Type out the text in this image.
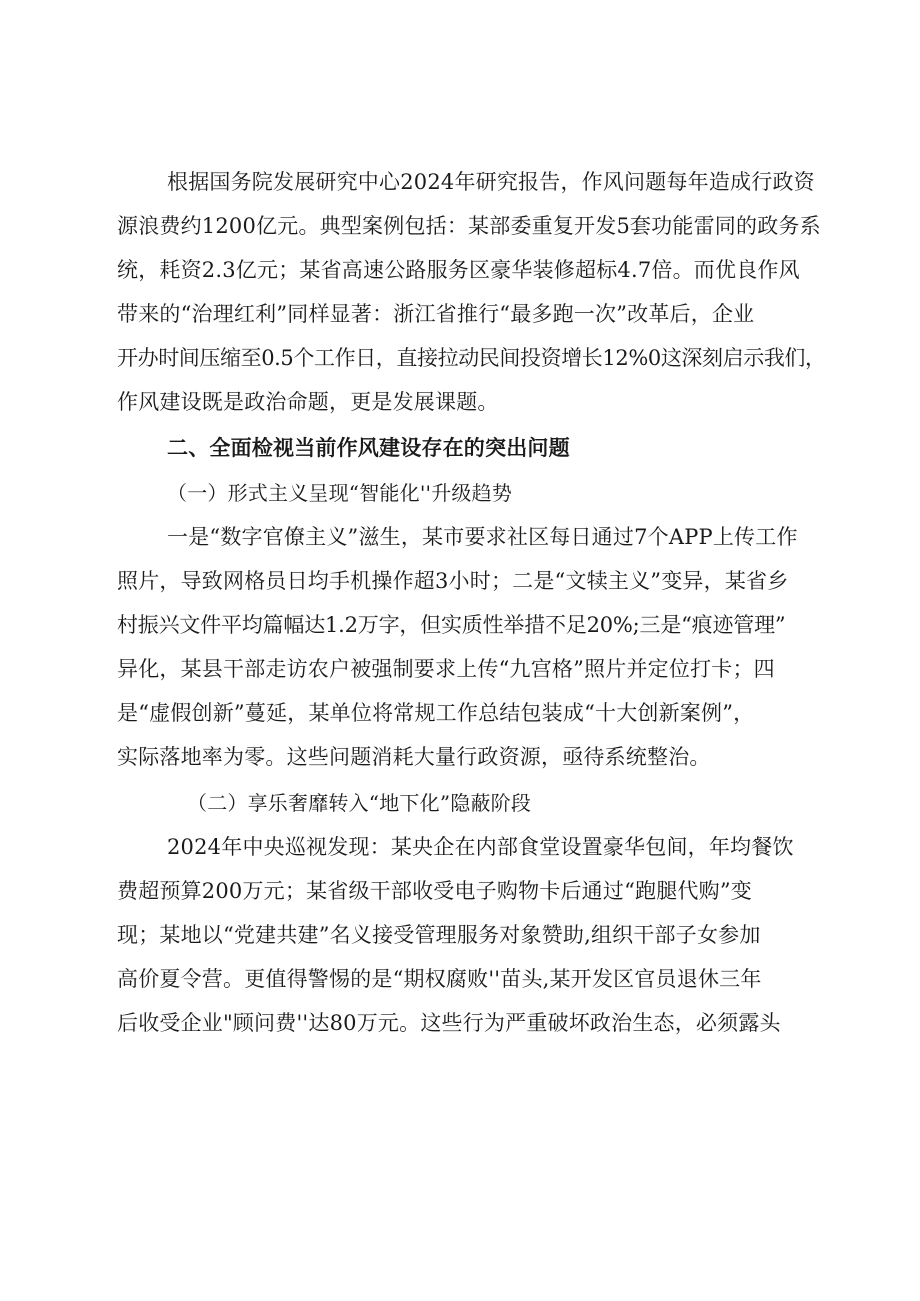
根据国务院发展研究中心2024年研究报告，作风问题每年造成行政资
源浪费约1200亿元。典型案例包括：某部委重复开发5套功能雷同的政务系
统，耗资2.3亿元；某省高速公路服务区豪华装修超标4.7倍。而优良作风
带来的“治理红利”同样显著：浙江省推行“最多跑一次”改革后，企业
开办时间压缩至0.5个工作日，直接拉动民间投资增长12%0这深刻启示我们，
作风建设既是政治命题，更是发展课题。
二、全面检视当前作风建设存在的突出问题
（一）形式主义呈现“智能化''升级趋势
一是“数字官僚主义”滋生，某市要求社区每日通过7个APP上传工作
照片，导致网格员日均手机操作超3小时；二是“文犊主义”变异，某省乡
村振兴文件平均篇幅达1.2万字，但实质性举措不足20%;三是“痕迹管理”
异化，某县干部走访农户被强制要求上传“九宫格”照片并定位打卡；四
是“虚假创新”蔓延，某单位将常规工作总结包装成“十大创新案例”，
实际落地率为零。这些问题消耗大量行政资源，亟待系统整治。
（二）享乐奢靡转入“地下化”隐蔽阶段
2024年中央巡视发现：某央企在内部食堂设置豪华包间，年均餐饮
费超预算200万元；某省级干部收受电子购物卡后通过“跑腿代购”变
现；某地以“党建共建”名义接受管理服务对象赞助,组织干部子女参加
高价夏令营。更值得警惕的是“期权腐败''苗头,某开发区官员退休三年
后收受企业"顾问费''达80万元。这些行为严重破坏政治生态，必须露头
